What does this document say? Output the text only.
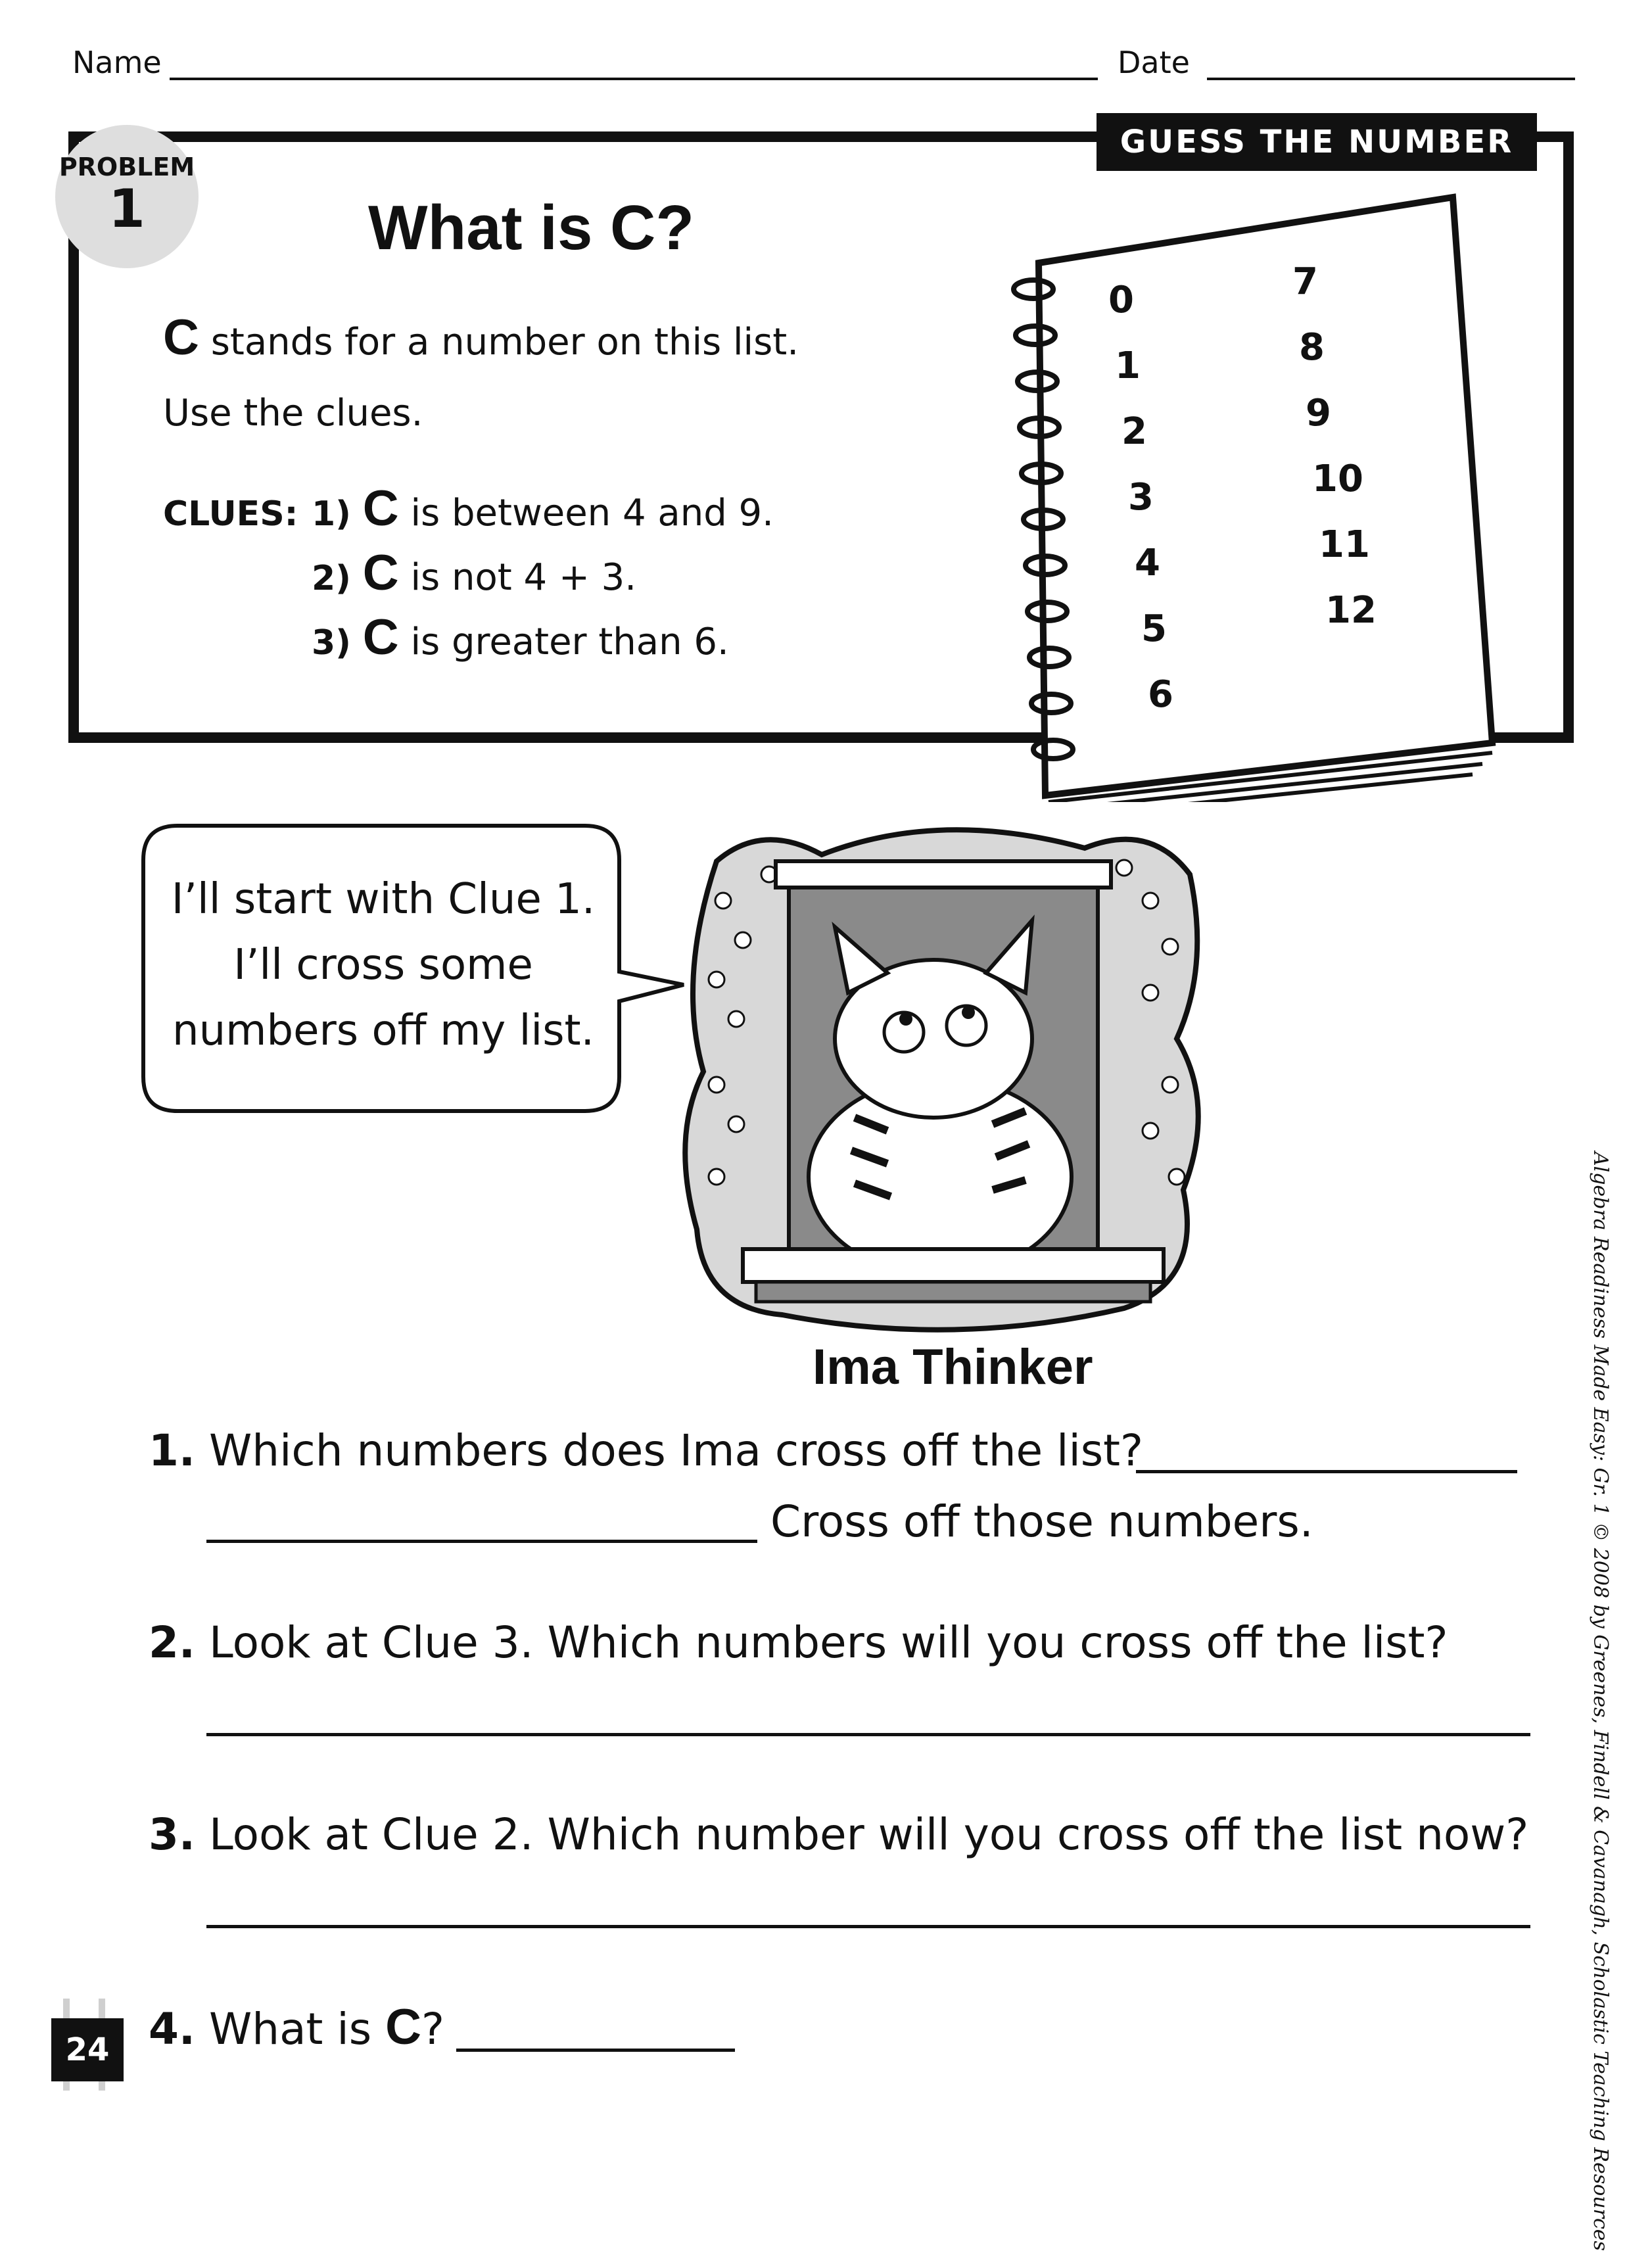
Name	Date
GUESS THE NUMBER
PROBLEM
1	What is C?
C stands for a number on this list.
Use the clues.
CLUES: 1) C is between 4 and 9.
2) C is not 4 + 3.
3) C is greater than 6.
0
1
2
3
4
5
6
7
8
9
10
11
12
I’ll start with Clue 1.
I’ll cross some
numbers off my list.
Ima Thinker
1. Which numbers does Ima cross off the list?
Cross off those numbers.
2. Look at Clue 3. Which numbers will you cross off the list?
3. Look at Clue 2. Which number will you cross off the list now?
4. What is C?	Algebra Readiness Made Easy: Gr. 1 © 2008 by Greenes, Findell & Cavanagh, Scholastic Teaching Resources
24
